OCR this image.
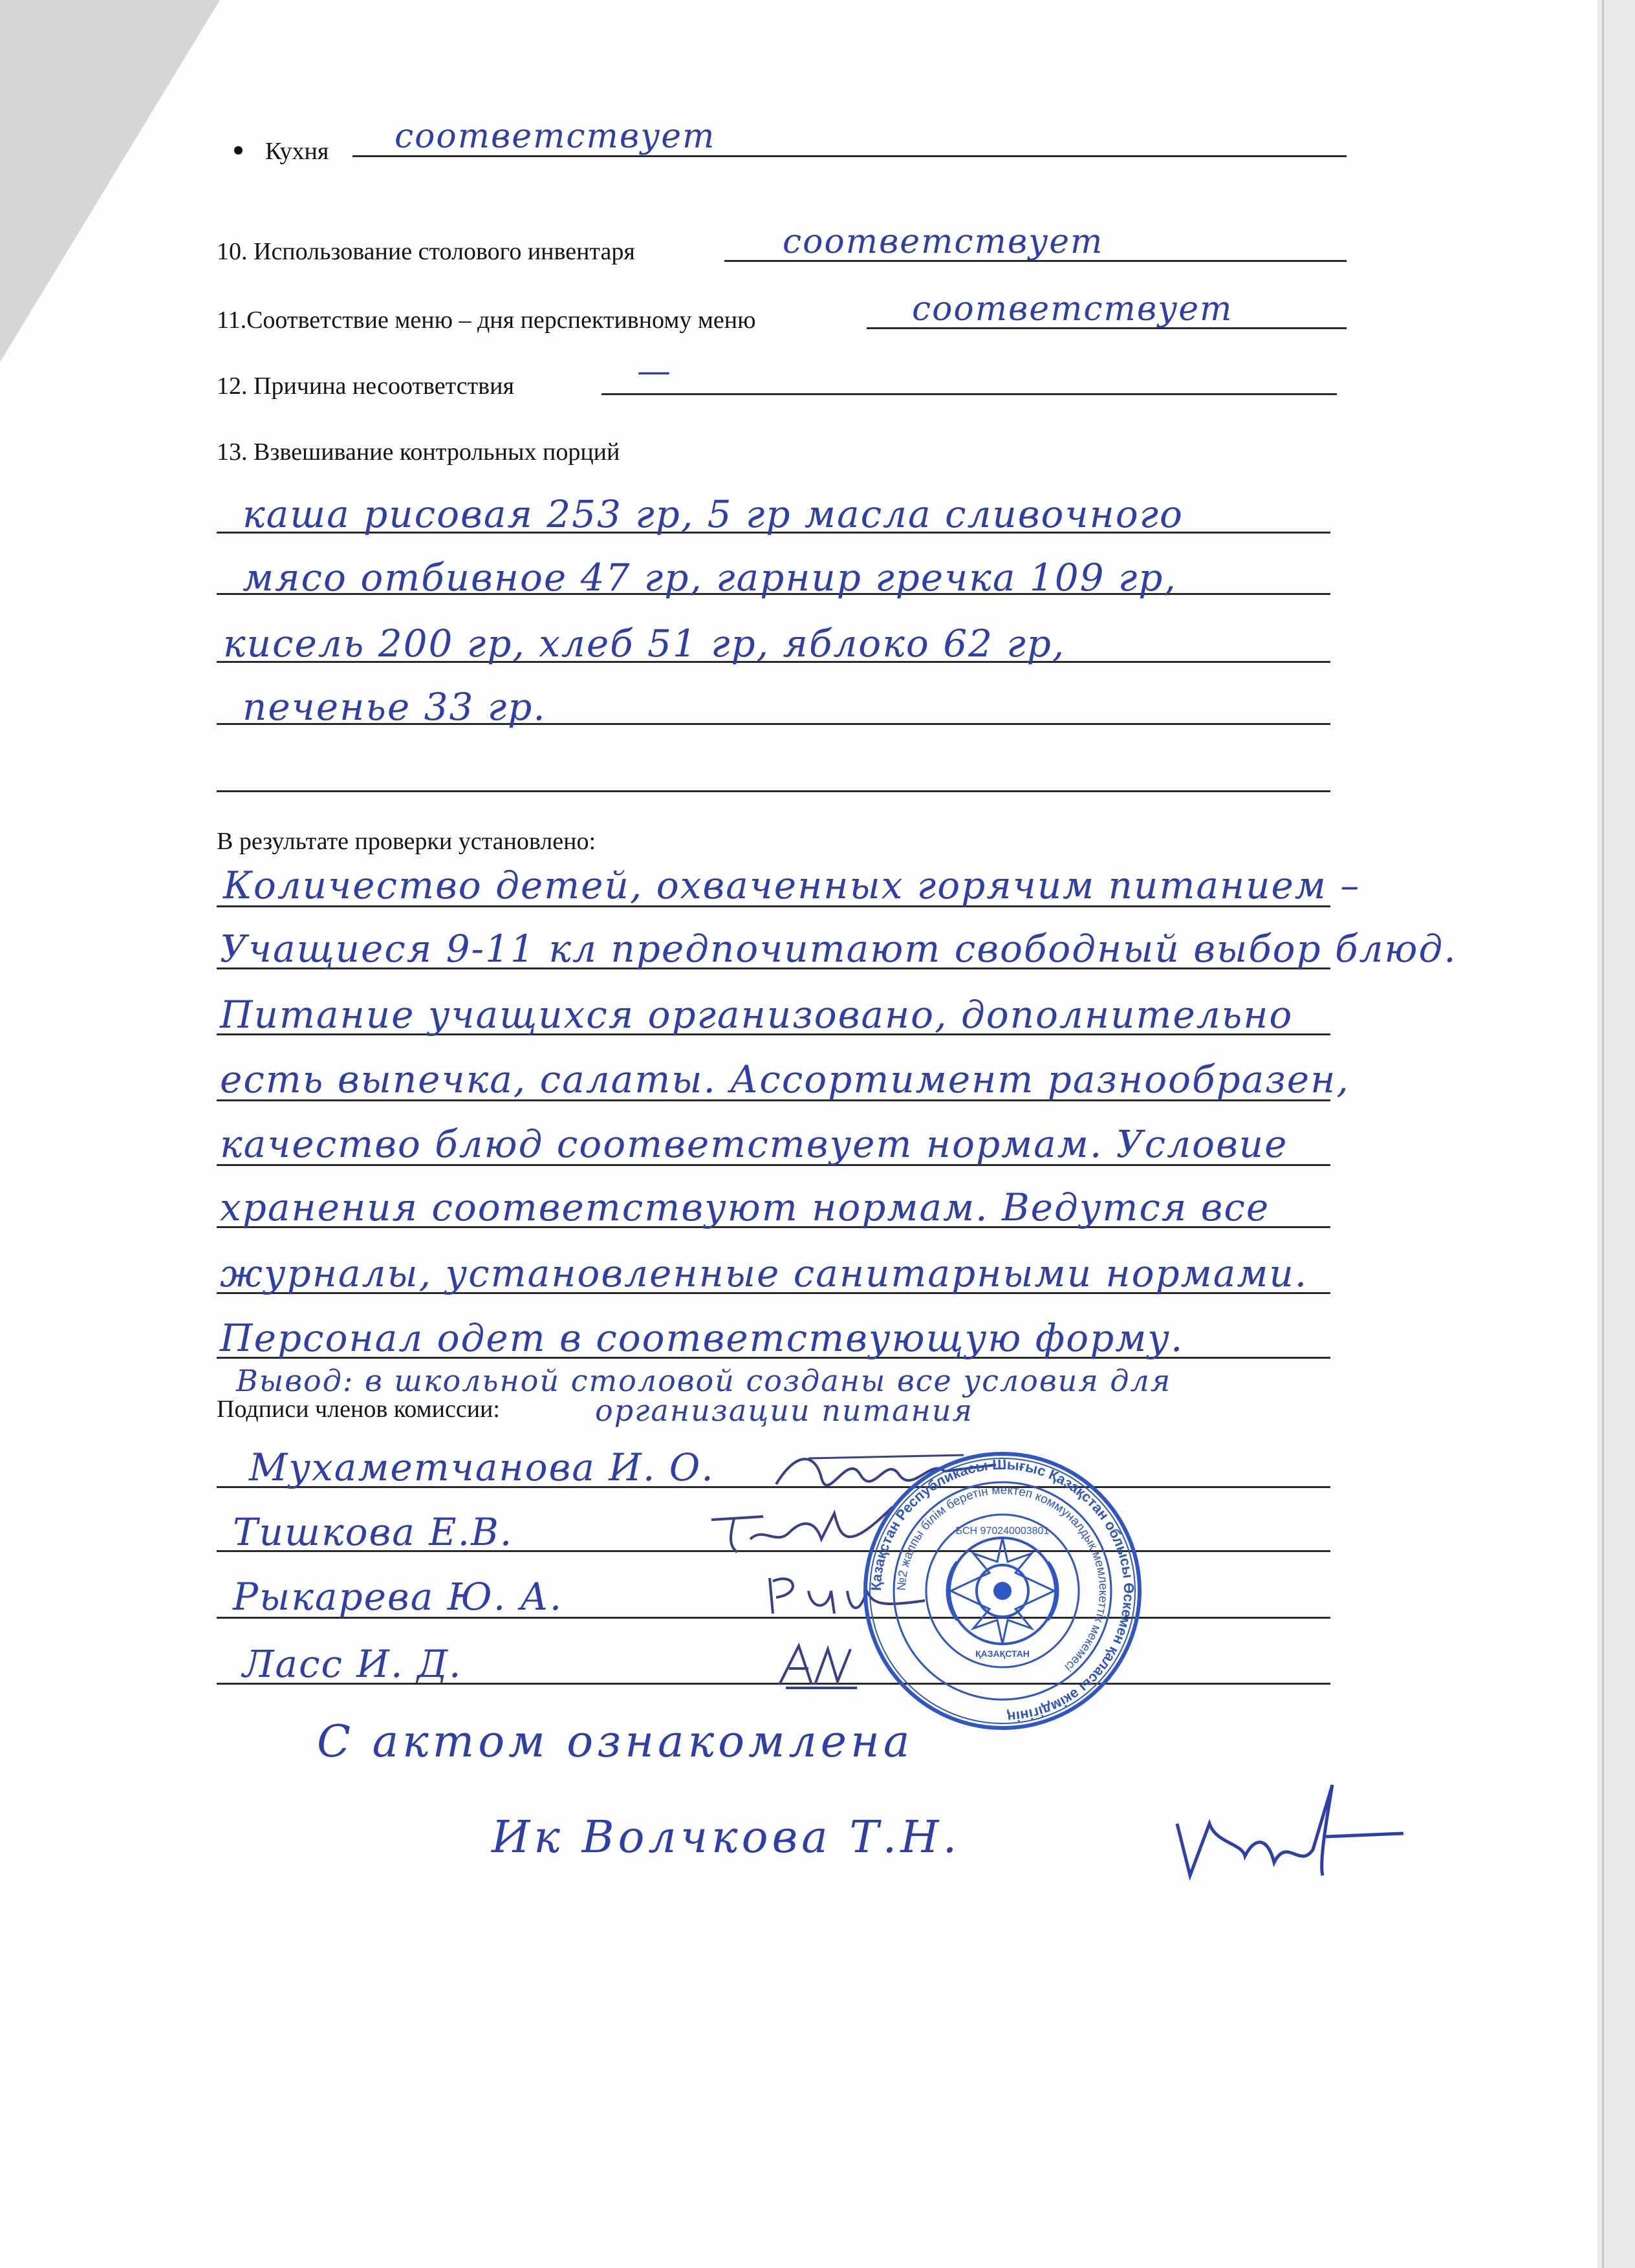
Кухня соответствует
10. Использование столового инвентаря	соответствует
11.Соответствие меню – дня перспективному меню	соответствует
12. Причина несоответствия	—
13. Взвешивание контрольных порций
каша рисовая 253 гр, 5 гр масла сливочного
мясо отбивное 47 гр, гарнир гречка 109 гр,
кисель 200 гр, хлеб 51 гр, яблоко 62 гр,
печенье 33 гр.
В результате проверки установлено:
Количество детей, охваченных горячим питанием –
Учащиеся 9-11 кл предпочитают свободный выбор блюд.
Питание учащихся организовано, дополнительно
есть выпечка, салаты. Ассортимент разнообразен,
качество блюд соответствует нормам. Условие
хранения соответствуют нормам. Ведутся все
журналы, установленные санитарными нормами.
Персонал одет в соответствующую форму.
Вывод: в школьной столовой созданы все условия для
Подписи членов комиссии:	организации питания
Мухаметчанова И. О.
Тишкова Е.В.
Рыкарева Ю. А.
Ласс И. Д.
Қазақстан Республикасы Шығыс Қазақстан облысы Өскемен қаласы әкімдігінің
№2 жалпы білім беретін мектеп коммуналдық мемлекеттік мекемесі
БСН 970240003801
ҚАЗАҚСТАН
С актом ознакомлена
Ик Волчкова Т.Н.
